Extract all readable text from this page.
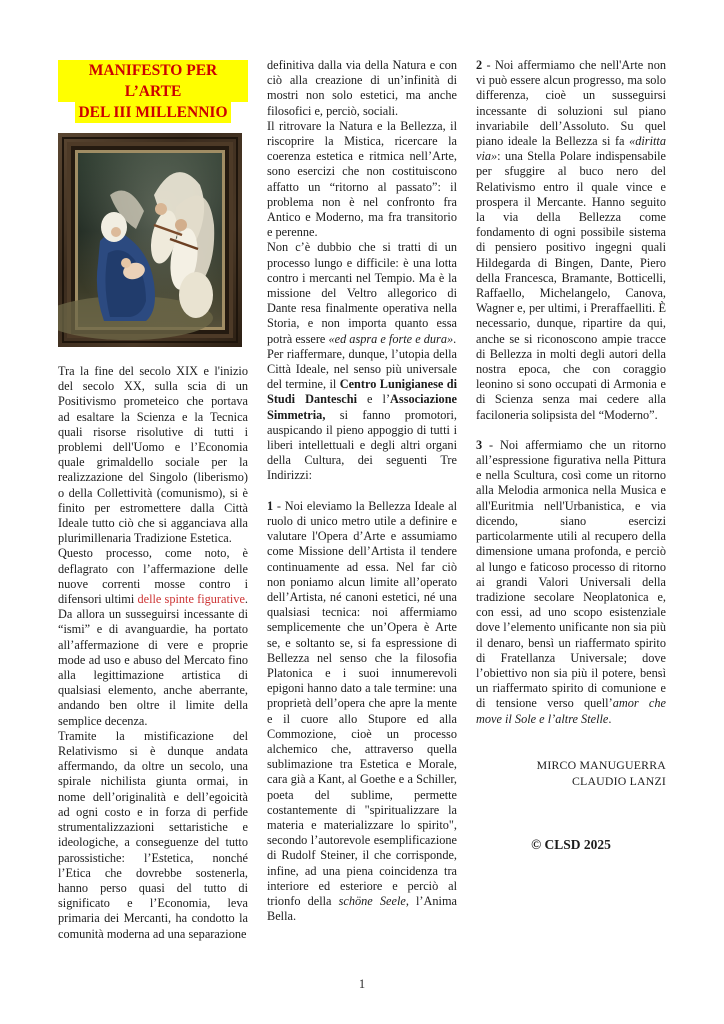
MANIFESTO PER L’ARTE
DEL III MILLENNIO

Tra la fine del secolo XIX e l'inizio del secolo XX, sulla scia di un Positivismo prometeico che portava ad esaltare la Scienza e la Tecnica quali risorse risolutive di tutti i problemi dell'Uomo e l’Economia quale grimaldello sociale per la realizzazione del Singolo (liberismo) o della Collettività (comunismo), si è finito per estromettere dalla Città Ideale tutto ciò che si agganciava alla plurimillenaria Tradizione Estetica.

Questo processo, come noto, è deflagrato con l’affermazione delle nuove correnti mosse contro i difensori ultimi delle spinte figurative. Da allora un susseguirsi incessante di “ismi” e di avanguardie, ha portato all’affermazione di vere e proprie mode ad uso e abuso del Mercato fino alla legittimazione artistica di qualsiasi elemento, anche aberrante, andando ben oltre il limite della semplice decenza.

Tramite la mistificazione del Relativismo si è dunque andata affermando, da oltre un secolo, una spirale nichilista giunta ormai, in nome dell’originalità e dell’egoicità ad ogni costo e in forza di perfide strumentalizzazioni settaristiche e ideologiche, a conseguenze del tutto parossistiche: l’Estetica, nonché l’Etica che dovrebbe sostenerla, hanno perso quasi del tutto di significato e l’Economia, leva primaria dei Mercanti, ha condotto la comunità moderna ad una separazione

definitiva dalla via della Natura e con ciò alla creazione di un’infinità di mostri non solo estetici, ma anche filosofici e, perciò, sociali.

Il ritrovare la Natura e la Bellezza, il riscoprire la Mistica, ricercare la coerenza estetica e ritmica nell’Arte, sono esercizi che non costituiscono affatto un “ritorno al passato”: il problema non è nel confronto fra Antico e Moderno, ma fra transitorio e perenne.

Non c’è dubbio che si tratti di un processo lungo e difficile: è una lotta contro i mercanti nel Tempio. Ma è la missione del Veltro allegorico di Dante resa finalmente operativa nella Storia, e non importa quanto essa potrà essere «ed aspra e forte e dura».

Per riaffermare, dunque, l’utopia della Città Ideale, nel senso più universale del termine, il Centro Lunigianese di Studi Danteschi e l’Associazione Simmetria, si fanno promotori, auspicando il pieno appoggio di tutti i liberi intellettuali e degli altri organi della Cultura, dei seguenti Tre Indirizzi:

1 - Noi eleviamo la Bellezza Ideale al ruolo di unico metro utile a definire e valutare l'Opera d’Arte e assumiamo come Missione dell’Artista il tendere continuamente ad essa. Nel far ciò non poniamo alcun limite all’operato dell’Artista, né canoni estetici, né una qualsiasi tecnica: noi affermiamo semplicemente che un’Opera è Arte se, e soltanto se, si fa espressione di Bellezza nel senso che la filosofia Platonica e i suoi innumerevoli epigoni hanno dato a tale termine: una proprietà dell’opera che apre la mente e il cuore allo Stupore ed alla Commozione, cioè un processo alchemico che, attraverso quella sublimazione tra Estetica e Morale, cara già a Kant, al Goethe e a Schiller, poeta del sublime, permette costantemente di "spiritualizzare la materia e materializzare lo spirito", secondo l’autorevole esemplificazione di Rudolf Steiner, il che corrisponde, infine, ad una piena coincidenza tra interiore ed esteriore e perciò al trionfo della schöne Seele, l’Anima Bella.

2 - Noi affermiamo che nell'Arte non vi può essere alcun progresso, ma solo differenza, cioè un susseguirsi incessante di soluzioni sul piano invariabile dell’Assoluto. Su quel piano ideale la Bellezza si fa «diritta via»: una Stella Polare indispensabile per sfuggire al buco nero del Relativismo entro il quale vince e prospera il Mercante. Hanno seguito la via della Bellezza come fondamento di ogni possibile sistema di pensiero positivo ingegni quali Hildegarda di Bingen, Dante, Piero della Francesca, Bramante, Botticelli, Raffaello, Michelangelo, Canova, Wagner e, per ultimi, i Preraffaelliti. È necessario, dunque, ripartire da qui, anche se si riconoscono ampie tracce di Bellezza in molti degli autori della nostra epoca, che con coraggio leonino si sono occupati di Armonia e di Scienza senza mai cedere alla faciloneria solipsista del “Moderno”.

3 - Noi affermiamo che un ritorno all’espressione figurativa nella Pittura e nella Scultura, così come un ritorno alla Melodia armonica nella Musica e all'Euritmia nell'Urbanistica, e via dicendo, siano esercizi particolarmente utili al recupero della dimensione umana profonda, e perciò al lungo e faticoso processo di ritorno ai grandi Valori Universali della tradizione secolare Neoplatonica e, con essi, ad uno scopo esistenziale dove l’elemento unificante non sia più il denaro, bensì un riaffermato spirito di Fratellanza Universale; dove l’obiettivo non sia più il potere, bensì un riaffermato spirito di comunione e di tensione verso quell’amor che move il Sole e l’altre Stelle.

MIRCO MANUGUERRA
CLAUDIO LANZI
© CLSD 2025
1
